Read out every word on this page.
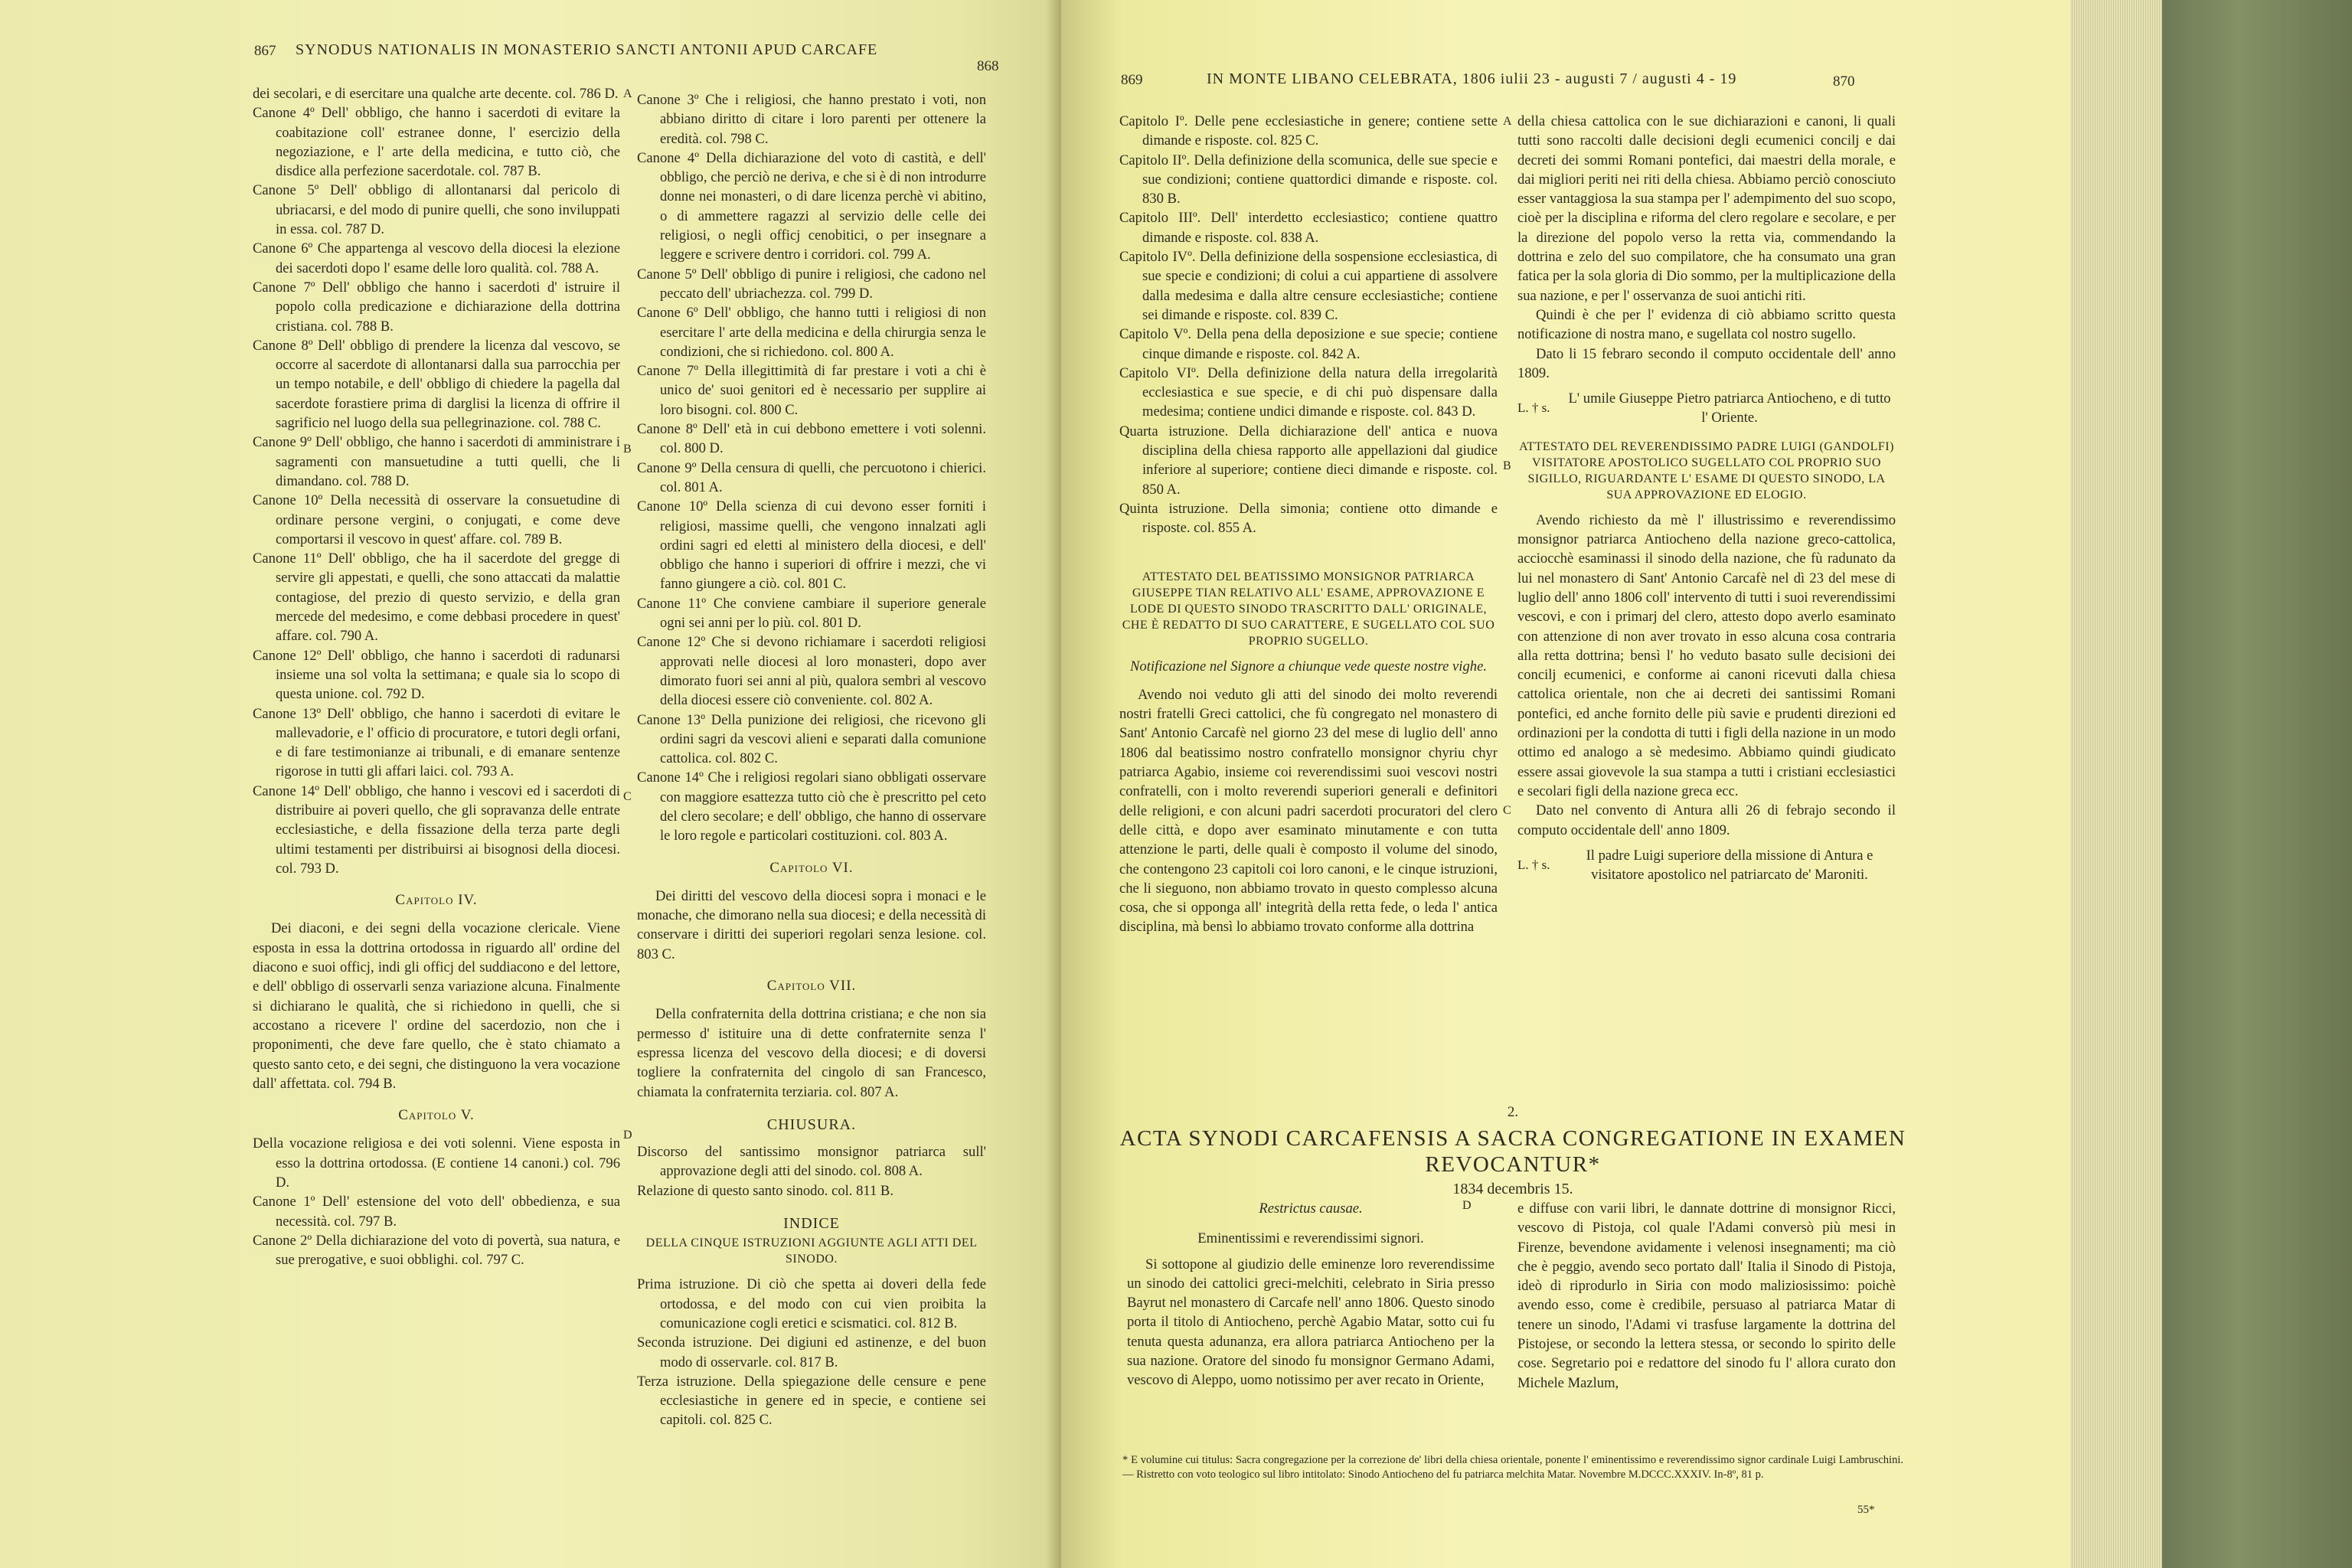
867 SYNODUS NATIONALIS IN MONASTERIO SANCTI ANTONII APUD CARCAFE
868

dei secolari, e di esercitare una qualche arte decente. col. 786 D.

Canone 4º Dell' obbligo, che hanno i sacerdoti di evitare la coabitazione coll' estranee donne, l' esercizio della negoziazione, e l' arte della medicina, e tutto ciò, che disdice alla perfezione sacerdotale. col. 787 B.

Canone 5º Dell' obbligo di allontanarsi dal pericolo di ubriacarsi, e del modo di punire quelli, che sono inviluppati in essa. col. 787 D.

Canone 6º Che appartenga al vescovo della diocesi la elezione dei sacerdoti dopo l' esame delle loro qualità. col. 788 A.

Canone 7º Dell' obbligo che hanno i sacerdoti d' istruire il popolo colla predicazione e dichiarazione della dottrina cristiana. col. 788 B.

Canone 8º Dell' obbligo di prendere la licenza dal vescovo, se occorre al sacerdote di allontanarsi dalla sua parrocchia per un tempo notabile, e dell' obbligo di chiedere la pagella dal sacerdote forastiere prima di darglisi la licenza di offrire il sagrificio nel luogo della sua pellegrinazione. col. 788 C.

Canone 9º Dell' obbligo, che hanno i sacerdoti di amministrare i sagramenti con mansuetudine a tutti quelli, che li dimandano. col. 788 D.

Canone 10º Della necessità di osservare la consuetudine di ordinare persone vergini, o conjugati, e come deve comportarsi il vescovo in quest' affare. col. 789 B.

Canone 11º Dell' obbligo, che ha il sacerdote del gregge di servire gli appestati, e quelli, che sono attaccati da malattie contagiose, del prezio di questo servizio, e della gran mercede del medesimo, e come debbasi procedere in quest' affare. col. 790 A.

Canone 12º Dell' obbligo, che hanno i sacerdoti di radunarsi insieme una sol volta la settimana; e quale sia lo scopo di questa unione. col. 792 D.

Canone 13º Dell' obbligo, che hanno i sacerdoti di evitare le mallevadorie, e l' officio di procuratore, e tutori degli orfani, e di fare testimonianze ai tribunali, e di emanare sentenze rigorose in tutti gli affari laici. col. 793 A.

Canone 14º Dell' obbligo, che hanno i vescovi ed i sacerdoti di distribuire ai poveri quello, che gli sopravanza delle entrate ecclesiastiche, e della fissazione della terza parte degli ultimi testamenti per distribuirsi ai bisognosi della diocesi. col. 793 D.

Capitolo IV.

Dei diaconi, e dei segni della vocazione clericale. Viene esposta in essa la dottrina ortodossa in riguardo all' ordine del diacono e suoi officj, indi gli officj del suddiacono e del lettore, e dell' obbligo di osservarli senza variazione alcuna. Finalmente si dichiarano le qualità, che si richiedono in quelli, che si accostano a ricevere l' ordine del sacerdozio, non che i proponimenti, che deve fare quello, che è stato chiamato a questo santo ceto, e dei segni, che distinguono la vera vocazione dall' affettata. col. 794 B.

Capitolo V.

Della vocazione religiosa e dei voti solenni. Viene esposta in esso la dottrina ortodossa. (E contiene 14 canoni.) col. 796 D.

Canone 1º Dell' estensione del voto dell' obbedienza, e sua necessità. col. 797 B.

Canone 2º Della dichiarazione del voto di povertà, sua natura, e sue prerogative, e suoi obblighi. col. 797 C.

A
B
C
D

Canone 3º Che i religiosi, che hanno prestato i voti, non abbiano diritto di citare i loro parenti per ottenere la eredità. col. 798 C.

Canone 4º Della dichiarazione del voto di castità, e dell' obbligo, che perciò ne deriva, e che si è di non introdurre donne nei monasteri, o di dare licenza perchè vi abitino, o di ammettere ragazzi al servizio delle celle dei religiosi, o negli officj cenobitici, o per insegnare a leggere e scrivere dentro i corridori. col. 799 A.

Canone 5º Dell' obbligo di punire i religiosi, che cadono nel peccato dell' ubriachezza. col. 799 D.

Canone 6º Dell' obbligo, che hanno tutti i religiosi di non esercitare l' arte della medicina e della chirurgia senza le condizioni, che si richiedono. col. 800 A.

Canone 7º Della illegittimità di far prestare i voti a chi è unico de' suoi genitori ed è necessario per supplire ai loro bisogni. col. 800 C.

Canone 8º Dell' età in cui debbono emettere i voti solenni. col. 800 D.

Canone 9º Della censura di quelli, che percuotono i chierici. col. 801 A.

Canone 10º Della scienza di cui devono esser forniti i religiosi, massime quelli, che vengono innalzati agli ordini sagri ed eletti al ministero della diocesi, e dell' obbligo che hanno i superiori di offrire i mezzi, che vi fanno giungere a ciò. col. 801 C.

Canone 11º Che conviene cambiare il superiore generale ogni sei anni per lo più. col. 801 D.

Canone 12º Che si devono richiamare i sacerdoti religiosi approvati nelle diocesi al loro monasteri, dopo aver dimorato fuori sei anni al più, qualora sembri al vescovo della diocesi essere ciò conveniente. col. 802 A.

Canone 13º Della punizione dei religiosi, che ricevono gli ordini sagri da vescovi alieni e separati dalla comunione cattolica. col. 802 C.

Canone 14º Che i religiosi regolari siano obbligati osservare con maggiore esattezza tutto ciò che è prescritto pel ceto del clero secolare; e dell' obbligo, che hanno di osservare le loro regole e particolari costituzioni. col. 803 A.

Capitolo VI.

Dei diritti del vescovo della diocesi sopra i monaci e le monache, che dimorano nella sua diocesi; e della necessità di conservare i diritti dei superiori regolari senza lesione. col. 803 C.

Capitolo VII.

Della confraternita della dottrina cristiana; e che non sia permesso d' istituire una di dette confraternite senza l' espressa licenza del vescovo della diocesi; e di doversi togliere la confraternita del cingolo di san Francesco, chiamata la confraternita terziaria. col. 807 A.

CHIUSURA.

Discorso del santissimo monsignor patriarca sull' approvazione degli atti del sinodo. col. 808 A.

Relazione di questo santo sinodo. col. 811 B.

INDICE
DELLA CINQUE ISTRUZIONI AGGIUNTE AGLI ATTI DEL SINODO.

Prima istruzione. Di ciò che spetta ai doveri della fede ortodossa, e del modo con cui vien proibita la comunicazione cogli eretici e scismatici. col. 812 B.

Seconda istruzione. Dei digiuni ed astinenze, e del buon modo di osservarle. col. 817 B.

Terza istruzione. Della spiegazione delle censure e pene ecclesiastiche in genere ed in specie, e contiene sei capitoli. col. 825 C.

869	IN MONTE LIBANO CELEBRATA, 1806 iulii 23 - augusti 7 / augusti 4 - 19	870

Capitolo Iº. Delle pene ecclesiastiche in genere; contiene sette dimande e risposte. col. 825 C.

Capitolo IIº. Della definizione della scomunica, delle sue specie e sue condizioni; contiene quattordici dimande e risposte. col. 830 B.

Capitolo IIIº. Dell' interdetto ecclesiastico; contiene quattro dimande e risposte. col. 838 A.

Capitolo IVº. Della definizione della sospensione ecclesiastica, di sue specie e condizioni; di colui a cui appartiene di assolvere dalla medesima e dalla altre censure ecclesiastiche; contiene sei dimande e risposte. col. 839 C.

Capitolo Vº. Della pena della deposizione e sue specie; contiene cinque dimande e risposte. col. 842 A.

Capitolo VIº. Della definizione della natura della irregolarità ecclesiastica e sue specie, e di chi può dispensare dalla medesima; contiene undici dimande e risposte. col. 843 D.

Quarta istruzione. Della dichiarazione dell' antica e nuova disciplina della chiesa rapporto alle appellazioni dal giudice inferiore al superiore; contiene dieci dimande e risposte. col. 850 A.

Quinta istruzione. Della simonia; contiene otto dimande e risposte. col. 855 A.

ATTESTATO DEL BEATISSIMO MONSIGNOR PATRIARCA GIUSEPPE TIAN RELATIVO ALL' ESAME, APPROVAZIONE E LODE DI QUESTO SINODO TRASCRITTO DALL' ORIGINALE, CHE È REDATTO DI SUO CARATTERE, E SUGELLATO COL SUO PROPRIO SUGELLO.
Notificazione nel Signore a chiunque vede queste nostre vighe.

Avendo noi veduto gli atti del sinodo dei molto reverendi nostri fratelli Greci cattolici, che fù congregato nel monastero di Sant' Antonio Carcafè nel giorno 23 del mese di luglio dell' anno 1806 dal beatissimo nostro confratello monsignor chyriu chyr patriarca Agabio, insieme coi reverendissimi suoi vescovi nostri confratelli, con i molto reverendi superiori generali e definitori delle religioni, e con alcuni padri sacerdoti procuratori del clero delle città, e dopo aver esaminato minutamente e con tutta attenzione le parti, delle quali è composto il volume del sinodo, che contengono 23 capitoli coi loro canoni, e le cinque istruzioni, che li sieguono, non abbiamo trovato in questo complesso alcuna cosa, che si opponga all' integrità della retta fede, o leda l' antica disciplina, mà bensì lo abbiamo trovato conforme alla dottrina

A
B
C
D

della chiesa cattolica con le sue dichiarazioni e canoni, li quali tutti sono raccolti dalle decisioni degli ecumenici concilj e dai decreti dei sommi Romani pontefici, dai maestri della morale, e dai migliori periti nei riti della chiesa. Abbiamo perciò conosciuto esser vantaggiosa la sua stampa per l' adempimento del suo scopo, cioè per la disciplina e riforma del clero regolare e secolare, e per la direzione del popolo verso la retta via, commendando la dottrina e zelo del suo compilatore, che ha consumato una gran fatica per la sola gloria di Dio sommo, per la multiplicazione della sua nazione, e per l' osservanza de suoi antichi riti.

Quindi è che per l' evidenza di ciò abbiamo scritto questa notificazione di nostra mano, e sugellata col nostro sugello.

Dato li 15 febraro secondo il computo occidentale dell' anno 1809.

L. † s.
L' umile Giuseppe Pietro patriarca Antiocheno, e di tutto l' Oriente.
ATTESTATO DEL REVERENDISSIMO PADRE LUIGI (GANDOLFI) VISITATORE APOSTOLICO SUGELLATO COL PROPRIO SUO SIGILLO, RIGUARDANTE L' ESAME DI QUESTO SINODO, LA SUA APPROVAZIONE ED ELOGIO.

Avendo richiesto da mè l' illustrissimo e reverendissimo monsignor patriarca Antiocheno della nazione greco-cattolica, acciocchè esaminassi il sinodo della nazione, che fù radunato da lui nel monastero di Sant' Antonio Carcafè nel dì 23 del mese di luglio dell' anno 1806 coll' intervento di tutti i suoi reverendissimi vescovi, e con i primarj del clero, attesto dopo averlo esaminato con attenzione di non aver trovato in esso alcuna cosa contraria alla retta dottrina; bensì l' ho veduto basato sulle decisioni dei concilj ecumenici, e conforme ai canoni ricevuti dalla chiesa cattolica orientale, non che ai decreti dei santissimi Romani pontefici, ed anche fornito delle più savie e prudenti direzioni ed ordinazioni per la condotta di tutti i figli della nazione in un modo ottimo ed analogo a sè medesimo. Abbiamo quindi giudicato essere assai giovevole la sua stampa a tutti i cristiani ecclesiastici e secolari figli della nazione greca ecc.

Dato nel convento di Antura alli 26 di febrajo secondo il computo occidentale dell' anno 1809.

L. † s.
Il padre Luigi superiore della missione di Antura e visitatore apostolico nel patriarcato de' Maroniti.
2.
ACTA SYNODI CARCAFENSIS A SACRA CONGREGATIONE IN EXAMEN REVOCANTUR*
1834 decembris 15.
Restrictus causae.
Eminentissimi e reverendissimi signori.

Si sottopone al giudizio delle eminenze loro reverendissime un sinodo dei cattolici greci-melchiti, celebrato in Siria presso Bayrut nel monastero di Carcafe nell' anno 1806. Questo sinodo porta il titolo di Antiocheno, perchè Agabio Matar, sotto cui fu tenuta questa adunanza, era allora patriarca Antiocheno per la sua nazione. Oratore del sinodo fu monsignor Germano Adami, vescovo di Aleppo, uomo notissimo per aver recato in Oriente,

e diffuse con varii libri, le dannate dottrine di monsignor Ricci, vescovo di Pistoja, col quale l'Adami conversò più mesi in Firenze, bevendone avidamente i velenosi insegnamenti; ma ciò che è peggio, avendo seco portato dall' Italia il Sinodo di Pistoja, ideò di riprodurlo in Siria con modo maliziosissimo: poichè avendo esso, come è credibile, persuaso al patriarca Matar di tenere un sinodo, l'Adami vi trasfuse largamente la dottrina del Pistojese, or secondo la lettera stessa, or secondo lo spirito delle cose. Segretario poi e redattore del sinodo fu l' allora curato don Michele Mazlum,

* E volumine cui titulus: Sacra congregazione per la correzione de' libri della chiesa orientale, ponente l' eminentissimo e reverendissimo signor cardinale Luigi Lambruschini. — Ristretto con voto teologico sul libro intitolato: Sinodo Antiocheno del fu patriarca melchita Matar. Novembre M.DCCC.XXXIV. In-8º, 81 p.
55*
